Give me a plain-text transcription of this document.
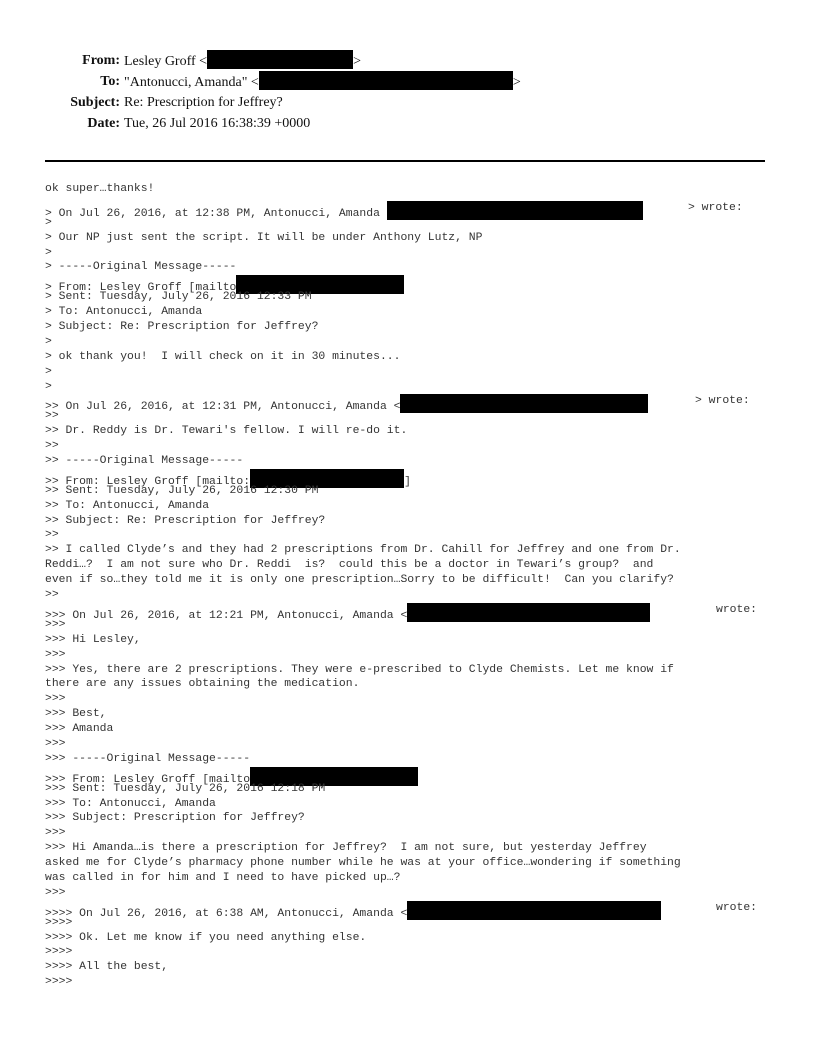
From: Lesley Groff <	>
To: "Antonucci, Amanda" <	>
Subject: Re: Prescription for Jeffrey?
Date: Tue, 26 Jul 2016 16:38:39 +0000
ok super…thanks!
> On Jul 26, 2016, at 12:38 PM, Antonucci, Amanda	> wrote:
>
> Our NP just sent the script. It will be under Anthony Lutz, NP
>
> -----Original Message-----
> From: Lesley Groff [mailto
> Sent: Tuesday, July 26, 2016 12:33 PM
> To: Antonucci, Amanda
> Subject: Re: Prescription for Jeffrey?
>
> ok thank you!  I will check on it in 30 minutes...
>
>
>> On Jul 26, 2016, at 12:31 PM, Antonucci, Amanda <	> wrote:
>>
>> Dr. Reddy is Dr. Tewari's fellow. I will re-do it.
>>
>> -----Original Message-----
>> From: Lesley Groff [mailto:	]
>> Sent: Tuesday, July 26, 2016 12:30 PM
>> To: Antonucci, Amanda
>> Subject: Re: Prescription for Jeffrey?
>>
>> I called Clyde’s and they had 2 prescriptions from Dr. Cahill for Jeffrey and one from Dr.
Reddi…?  I am not sure who Dr. Reddi  is?  could this be a doctor in Tewari’s group?  and
even if so…they told me it is only one prescription…Sorry to be difficult!  Can you clarify?
>>
>>> On Jul 26, 2016, at 12:21 PM, Antonucci, Amanda <	wrote:
>>>
>>> Hi Lesley,
>>>
>>> Yes, there are 2 prescriptions. They were e-prescribed to Clyde Chemists. Let me know if
there are any issues obtaining the medication.
>>>
>>> Best,
>>> Amanda
>>>
>>> -----Original Message-----
>>> From: Lesley Groff [mailto
>>> Sent: Tuesday, July 26, 2016 12:18 PM
>>> To: Antonucci, Amanda
>>> Subject: Prescription for Jeffrey?
>>>
>>> Hi Amanda…is there a prescription for Jeffrey?  I am not sure, but yesterday Jeffrey
asked me for Clyde’s pharmacy phone number while he was at your office…wondering if something
was called in for him and I need to have picked up…?
>>>
>>>> On Jul 26, 2016, at 6:38 AM, Antonucci, Amanda <	wrote:
>>>>
>>>> Ok. Let me know if you need anything else.
>>>>
>>>> All the best,
>>>>
